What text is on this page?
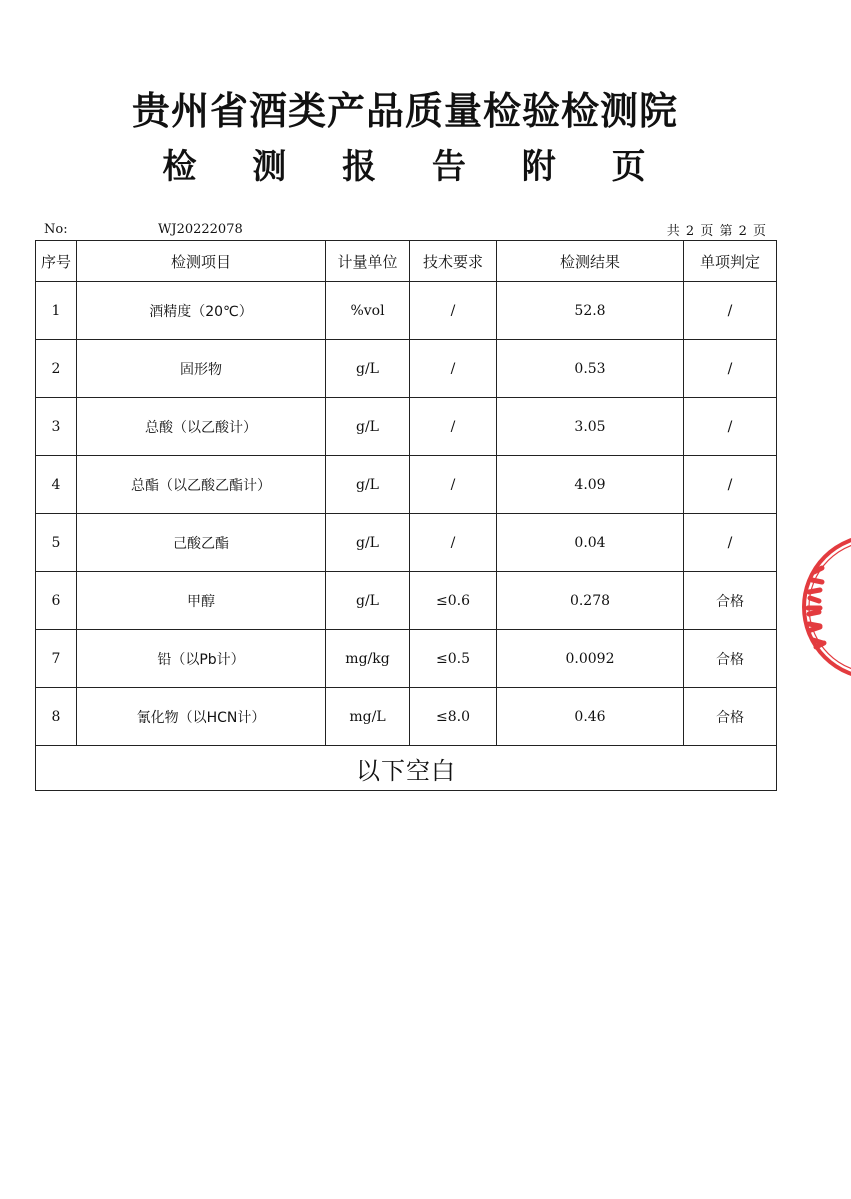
贵州省酒类产品质量检验检测院
检 测 报 告 附 页
No:	WJ20222078	共 2 页 第 2 页
序号	检测项目	计量单位	技术要求	检测结果	单项判定
1	酒精度（20℃）	%vol	/	52.8	/
2	固形物	g/L	/	0.53	/
3	总酸（以乙酸计）	g/L	/	3.05	/
4	总酯（以乙酸乙酯计）	g/L	/	4.09	/
5	己酸乙酯	g/L	/	0.04	/
6	甲醇	g/L	≤0.6	0.278	合格
7	铅（以Pb计）	mg/kg	≤0.5	0.0092	合格
8	氰化物（以HCN计）	mg/L	≤8.0	0.46	合格
以下空白					
